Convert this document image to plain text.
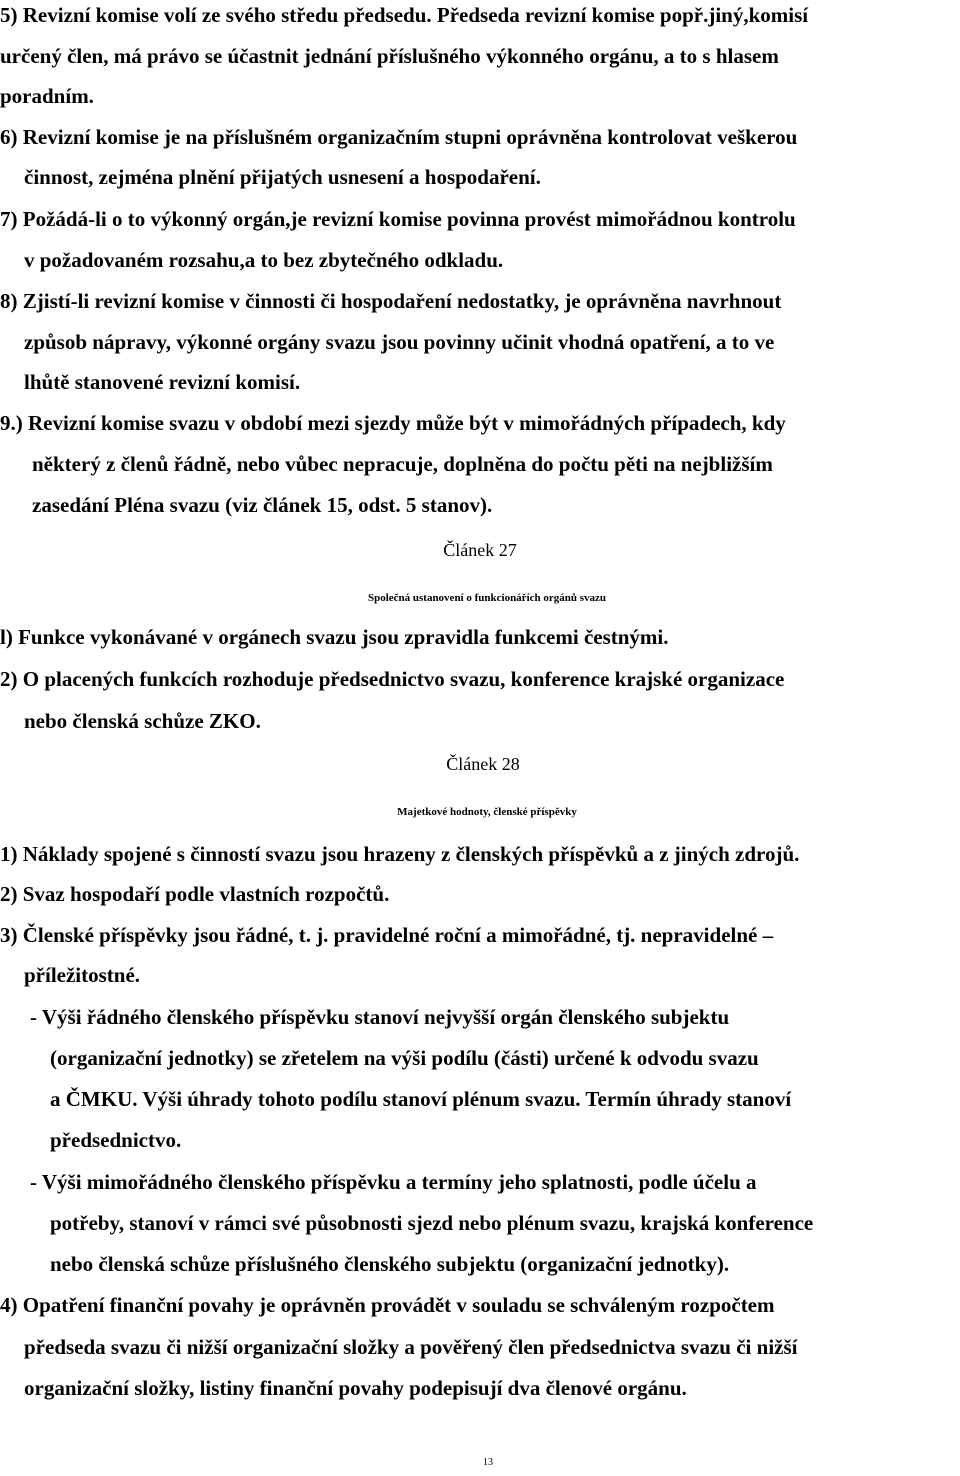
5) Revizní komise volí ze svého středu předsedu. Předseda revizní komise popř.jiný,komisí
určený člen, má právo se účastnit jednání příslušného výkonného orgánu, a to s hlasem
poradním.
6) Revizní komise je na příslušném organizačním stupni oprávněna kontrolovat veškerou
činnost, zejména plnění přijatých usnesení a hospodaření.
7) Požádá-li o to výkonný orgán,je revizní komise povinna provést mimořádnou kontrolu
v požadovaném rozsahu,a to bez zbytečného odkladu.
8) Zjistí-li revizní komise v činnosti či hospodaření nedostatky, je oprávněna navrhnout
způsob nápravy, výkonné orgány svazu jsou povinny učinit vhodná opatření, a to ve
lhůtě stanovené revizní komisí.
9.) Revizní komise svazu v období mezi sjezdy může být v mimořádných případech, kdy
některý z členů řádně, nebo vůbec nepracuje, doplněna do počtu pěti na nejbližším
zasedání Pléna svazu (viz článek 15, odst. 5 stanov).
Článek 27
Společná ustanovení o funkcionářích orgánů svazu
l) Funkce vykonávané v orgánech svazu jsou zpravidla funkcemi čestnými.
2) O placených funkcích rozhoduje předsednictvo svazu, konference krajské organizace
nebo členská schůze ZKO.
Článek 28
Majetkové hodnoty, členské příspěvky
1) Náklady spojené s činností svazu jsou hrazeny z členských příspěvků a z jiných zdrojů.
2) Svaz hospodaří podle vlastních rozpočtů.
3) Členské příspěvky jsou řádné, t. j. pravidelné roční a mimořádné, tj. nepravidelné –
příležitostné.
- Výši řádného členského příspěvku stanoví nejvyšší orgán členského subjektu
(organizační jednotky) se zřetelem na výši podílu (části) určené k odvodu svazu
a ČMKU. Výši úhrady tohoto podílu stanoví plénum svazu. Termín úhrady stanoví
předsednictvo.
- Výši mimořádného členského příspěvku a termíny jeho splatnosti, podle účelu a
potřeby, stanoví v rámci své působnosti sjezd nebo plénum svazu, krajská konference
nebo členská schůze příslušného členského subjektu (organizační jednotky).
4) Opatření finanční povahy je oprávněn provádět v souladu se schváleným rozpočtem
předseda svazu či nižší organizační složky a pověřený člen předsednictva svazu či nižší
organizační složky, listiny finanční povahy podepisují dva členové orgánu.
13
